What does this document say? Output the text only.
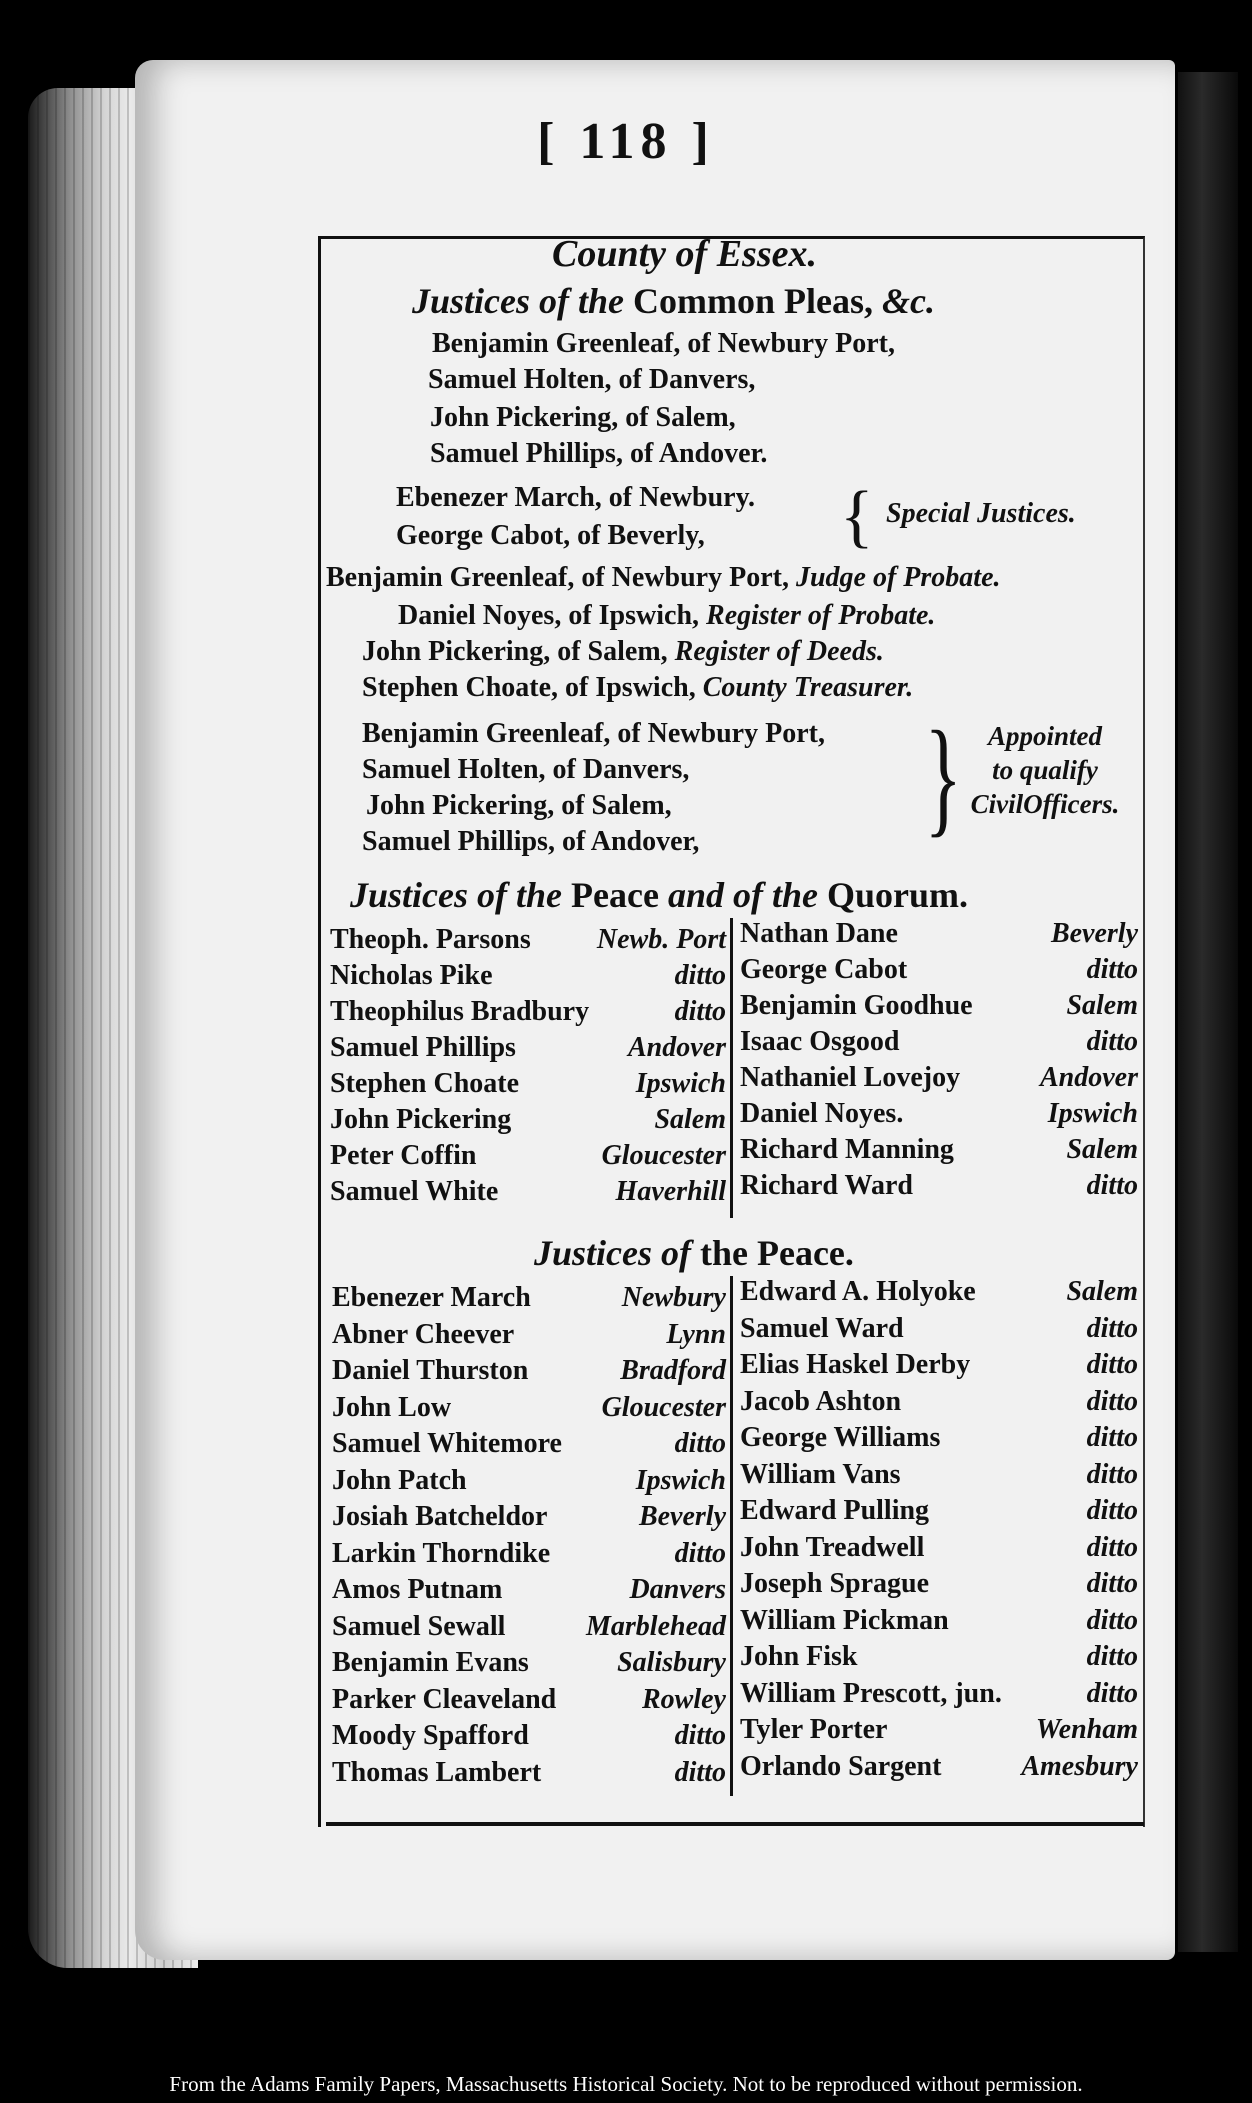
[ 118 ]
County of Essex.
Justices of the Common Pleas, &c.
Benjamin Greenleaf, of Newbury Port,
Samuel Holten, of Danvers,
John Pickering, of Salem,
Samuel Phillips, of Andover.
Ebenezer March, of Newbury.
George Cabot, of Beverly, { Special Justices.
Benjamin Greenleaf, of Newbury Port, Judge of Probate.
Daniel Noyes, of Ipswich, Register of Probate.
John Pickering, of Salem, Register of Deeds.
Stephen Choate, of Ipswich, County Treasurer.
Benjamin Greenleaf, of Newbury Port,
Samuel Holten, of Danvers,
John Pickering, of Salem,
Samuel Phillips, of Andover, } Appointed
to qualify
CivilOfficers.
Justices of the Peace and of the Quorum.
Theoph. Parsons Newb. Port
Nicholas Pike	ditto
Theophilus Bradbury	ditto
Samuel Phillips	Andover
Stephen Choate	Ipswich
John Pickering	Salem
Peter Coffin	Gloucester
Samuel White	Haverhill
Nathan Dane	Beverly
George Cabot	ditto
Benjamin Goodhue	Salem
Isaac Osgood	ditto
Nathaniel Lovejoy	Andover
Daniel Noyes.	Ipswich
Richard Manning	Salem
Richard Ward	ditto
Justices of the Peace.
Ebenezer March	Newbury
Abner Cheever	Lynn
Daniel Thurston	Bradford
John Low	Gloucester
Samuel Whitemore	ditto
John Patch	Ipswich
Josiah Batcheldor	Beverly
Larkin Thorndike	ditto
Amos Putnam	Danvers
Samuel Sewall	Marblehead
Benjamin Evans	Salisbury
Parker Cleaveland	Rowley
Moody Spafford	ditto
Thomas Lambert	ditto
Edward A. Holyoke	Salem
Samuel Ward	ditto
Elias Haskel Derby	ditto
Jacob Ashton	ditto
George Williams	ditto
William Vans	ditto
Edward Pulling	ditto
John Treadwell	ditto
Joseph Sprague	ditto
William Pickman	ditto
John Fisk	ditto
William Prescott, jun.	ditto
Tyler Porter	Wenham
Orlando Sargent	Amesbury
From the Adams Family Papers, Massachusetts Historical Society. Not to be reproduced without permission.
